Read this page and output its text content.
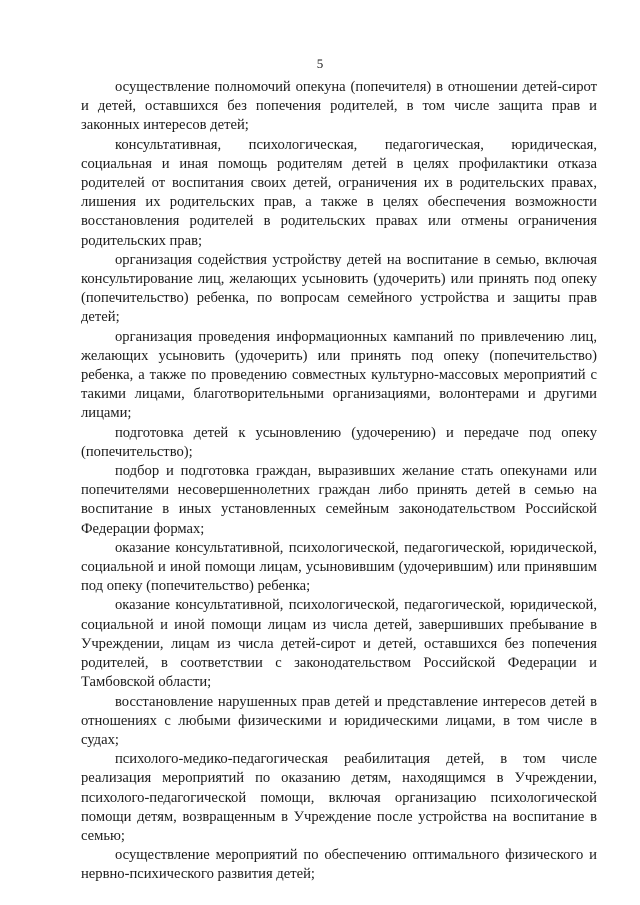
5

осуществление полномочий опекуна (попечителя) в отношении детей-сирот и детей, оставшихся без попечения родителей, в том числе защита прав и законных интересов детей;

консультативная, психологическая, педагогическая, юридическая, социальная и иная помощь родителям детей в целях профилактики отказа родителей от воспитания своих детей, ограничения их в родительских правах, лишения их родительских прав, а также в целях обеспечения возможности восстановления родителей в родительских правах или отмены ограничения родительских прав;

организация содействия устройству детей на воспитание в семью, включая консультирование лиц, желающих усыновить (удочерить) или принять под опеку (попечительство) ребенка, по вопросам семейного устройства и защиты прав детей;

организация проведения информационных кампаний по привлечению лиц, желающих усыновить (удочерить) или принять под опеку (попечительство) ребенка, а также по проведению совместных культурно-массовых мероприятий с такими лицами, благотворительными организациями, волонтерами и другими лицами;

подготовка детей к усыновлению (удочерению) и передаче под опеку (попечительство);

подбор и подготовка граждан, выразивших желание стать опекунами или попечителями несовершеннолетних граждан либо принять детей в семью на воспитание в иных установленных семейным законодательством Российской Федерации формах;

оказание консультативной, психологической, педагогической, юридической, социальной и иной помощи лицам, усыновившим (удочерившим) или принявшим под опеку (попечительство) ребенка;

оказание консультативной, психологической, педагогической, юридической, социальной и иной помощи лицам из числа детей, завершивших пребывание в Учреждении, лицам из числа детей-сирот и детей, оставшихся без попечения родителей, в соответствии с законодательством Российской Федерации и Тамбовской области;

восстановление нарушенных прав детей и представление интересов детей в отношениях с любыми физическими и юридическими лицами, в том числе в судах;

психолого-медико-педагогическая реабилитация детей, в том числе реализация мероприятий по оказанию детям, находящимся в Учреждении, психолого-педагогической помощи, включая организацию психологической помощи детям, возвращенным в Учреждение после устройства на воспитание в семью;

осуществление мероприятий по обеспечению оптимального физического и нервно-психического развития детей;
